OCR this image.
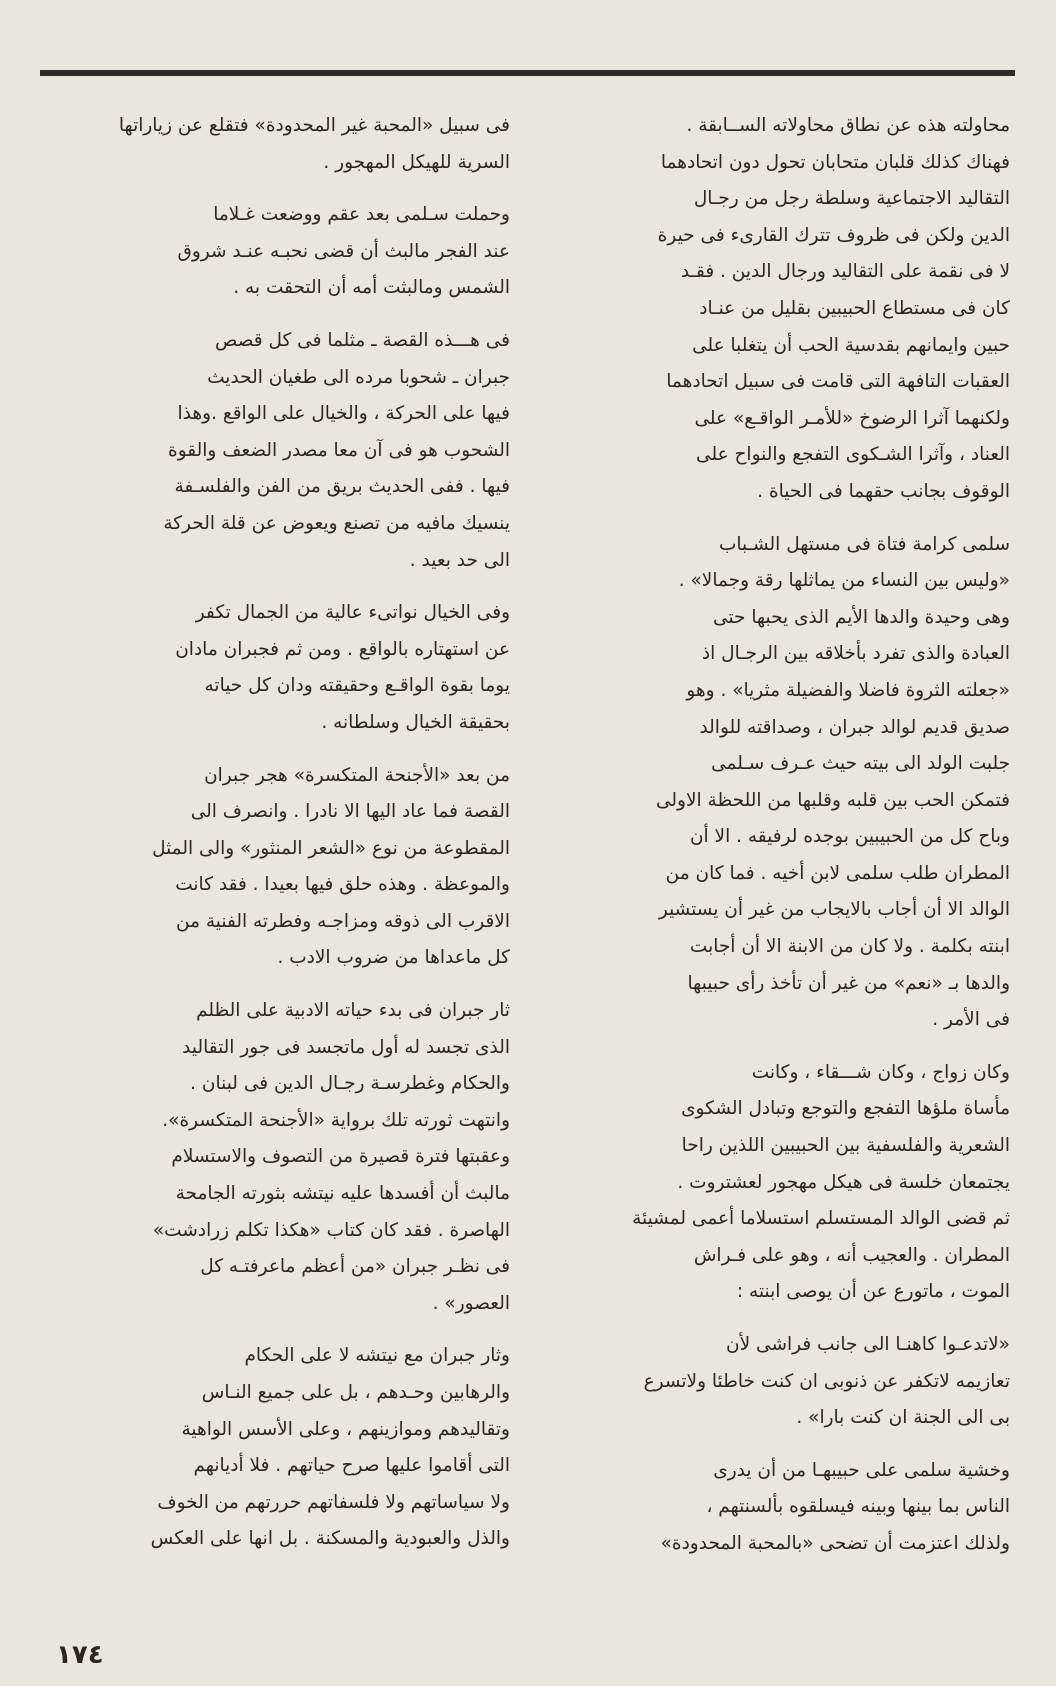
محاولته هذه عن نطاق محاولاته الســابقة .
فهناك كذلك قلبان متحابان تحول دون اتحادهما
التقاليد الاجتماعية وسلطة رجل من رجـال
الدين ولكن فى ظروف تترك القارىء فى حيرة
لا فى نقمة على التقاليد ورجال الدين . فقـد
كان فى مستطاع الحبيبين بقليل من عنـاد
حبين وايمانهم بقدسية الحب أن يتغلبا على
العقبات التافهة التى قامت فى سبيل اتحادهما
ولكنهما آثرا الرضوخ «للأمـر الواقـع» على
العناد ، وآثرا الشـكوى التفجع والنواح على
الوقوف بجانب حقهما فى الحياة .
سلمى كرامة فتاة فى مستهل الشـباب
«وليس بين النساء من يماثلها رقة وجمالا» .
وهى وحيدة والدها الأيم الذى يحبها حتى
العبادة والذى تفرد بأخلاقه بين الرجـال اذ
«جعلته الثروة فاضلا والفضيلة مثريا» . وهو
صديق قديم لوالد جبران ، وصداقته للوالد
جلبت الولد الى بيته حيث عـرف سـلمى
فتمكن الحب بين قلبه وقلبها من اللحظة الاولى
وباح كل من الحبيبين بوجده لرفيقه . الا أن
المطران طلب سلمى لابن أخيه . فما كان من
الوالد الا أن أجاب بالايجاب من غير أن يستشير
ابنته بكلمة . ولا كان من الابنة الا أن أجابت
والدها بـ «نعم» من غير أن تأخذ رأى حبيبها
فى الأمر .
وكان زواج ، وكان شـــقاء ، وكانت
مأساة ملؤها التفجع والتوجع وتبادل الشكوى
الشعرية والفلسفية بين الحبيبين اللذين راحا
يجتمعان خلسة فى هيكل مهجور لعشتروت .
ثم قضى الوالد المستسلم استسلاما أعمى لمشيئة
المطران . والعجيب أنه ، وهو على فـراش
الموت ، ماتورع عن أن يوصى ابنته :
«لاتدعـوا كاهنـا الى جانب فراشى لأن
تعازيمه لاتكفر عن ذنوبى ان كنت خاطئا ولاتسرع
بى الى الجنة ان كنت بارا» .
وخشية سلمى على حبيبهـا من أن يدرى
الناس بما بينها وبينه فيسلقوه بألسنتهم ،
ولذلك اعتزمت أن تضحى «بالمحبة المحدودة»
فى سبيل «المحبة غير المحدودة» فتقلع عن زياراتها
السرية للهيكل المهجور .
وحملت سـلمى بعد عقم ووضعت غـلاما
عند الفجر مالبث أن قضى نحبـه عنـد شروق
الشمس ومالبثت أمه أن التحقت به .
فى هـــذه القصة ـ مثلما فى كل قصص
جبران ـ شحوبا مرده الى طغيان الحديث
فيها على الحركة ، والخيال على الواقع .وهذا
الشحوب هو فى آن معا مصدر الضعف والقوة
فيها . ففى الحديث بريق من الفن والفلسـفة
ينسيك مافيه من تصنع ويعوض عن قلة الحركة
الى حد بعيد .
وفى الخيال نواتىء عالية من الجمال تكفر
عن استهتاره بالواقع . ومن ثم فجبران مادان
يوما بقوة الواقـع وحقيقته ودان كل حياته
بحقيقة الخيال وسلطانه .
من بعد «الأجنحة المتكسرة» هجر جبران
القصة فما عاد اليها الا نادرا . وانصرف الى
المقطوعة من نوع «الشعر المنثور» والى المثل
والموعظة . وهذه حلق فيها بعيدا . فقد كانت
الاقرب الى ذوقه ومزاجـه وفطرته الفنية من
كل ماعداها من ضروب الادب .
ثار جبران فى بدء حياته الادبية على الظلم
الذى تجسد له أول ماتجسد فى جور التقاليد
والحكام وغطرسـة رجـال الدين فى لبنان .
وانتهت ثورته تلك برواية «الأجنحة المتكسرة».
وعقبتها فترة قصيرة من التصوف والاستسلام
مالبث أن أفسدها عليه نيتشه بثورته الجامحة
الهاصرة . فقد كان كتاب «هكذا تكلم زرادشت»
فى نظـر جبران «من أعظم ماعرفتـه كل
العصور» .
وثار جبران مع نيتشه لا على الحكام
والرهابين وحـدهم ، بل على جميع النـاس
وتقاليدهم وموازينهم ، وعلى الأسس الواهية
التى أقاموا عليها صرح حياتهم . فلا أديانهم
ولا سياساتهم ولا فلسفاتهم حررتهم من الخوف
والذل والعبودية والمسكنة . بل انها على العكس
١٧٤
